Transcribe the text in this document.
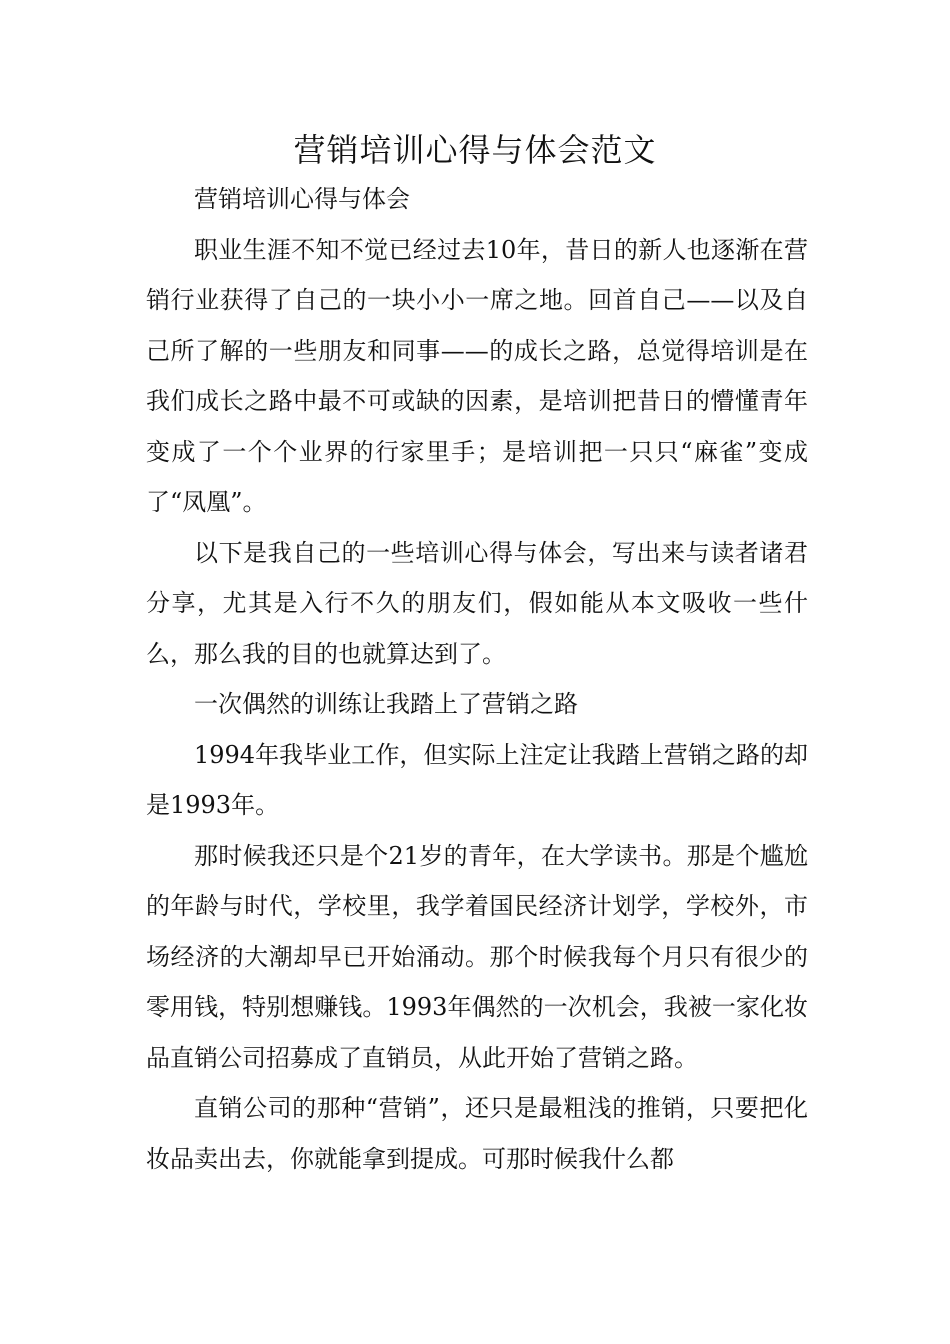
营销培训心得与体会范文

营销培训心得与体会

职业生涯不知不觉已经过去10年，昔日的新人也逐渐在营销行业获得了自己的一块小小一席之地。回首自己——以及自己所了解的一些朋友和同事——的成长之路，总觉得培训是在我们成长之路中最不可或缺的因素，是培训把昔日的懵懂青年变成了一个个业界的行家里手；是培训把一只只“麻雀”变成了“凤凰”。

以下是我自己的一些培训心得与体会，写出来与读者诸君分享，尤其是入行不久的朋友们，假如能从本文吸收一些什么，那么我的目的也就算达到了。

一次偶然的训练让我踏上了营销之路

1994年我毕业工作，但实际上注定让我踏上营销之路的却是1993年。

那时候我还只是个21岁的青年，在大学读书。那是个尴尬的年龄与时代，学校里，我学着国民经济计划学，学校外，市场经济的大潮却早已开始涌动。那个时候我每个月只有很少的零用钱，特别想赚钱。1993年偶然的一次机会，我被一家化妆品直销公司招募成了直销员，从此开始了营销之路。

直销公司的那种“营销”，还只是最粗浅的推销，只要把化妆品卖出去，你就能拿到提成。可那时候我什么都
